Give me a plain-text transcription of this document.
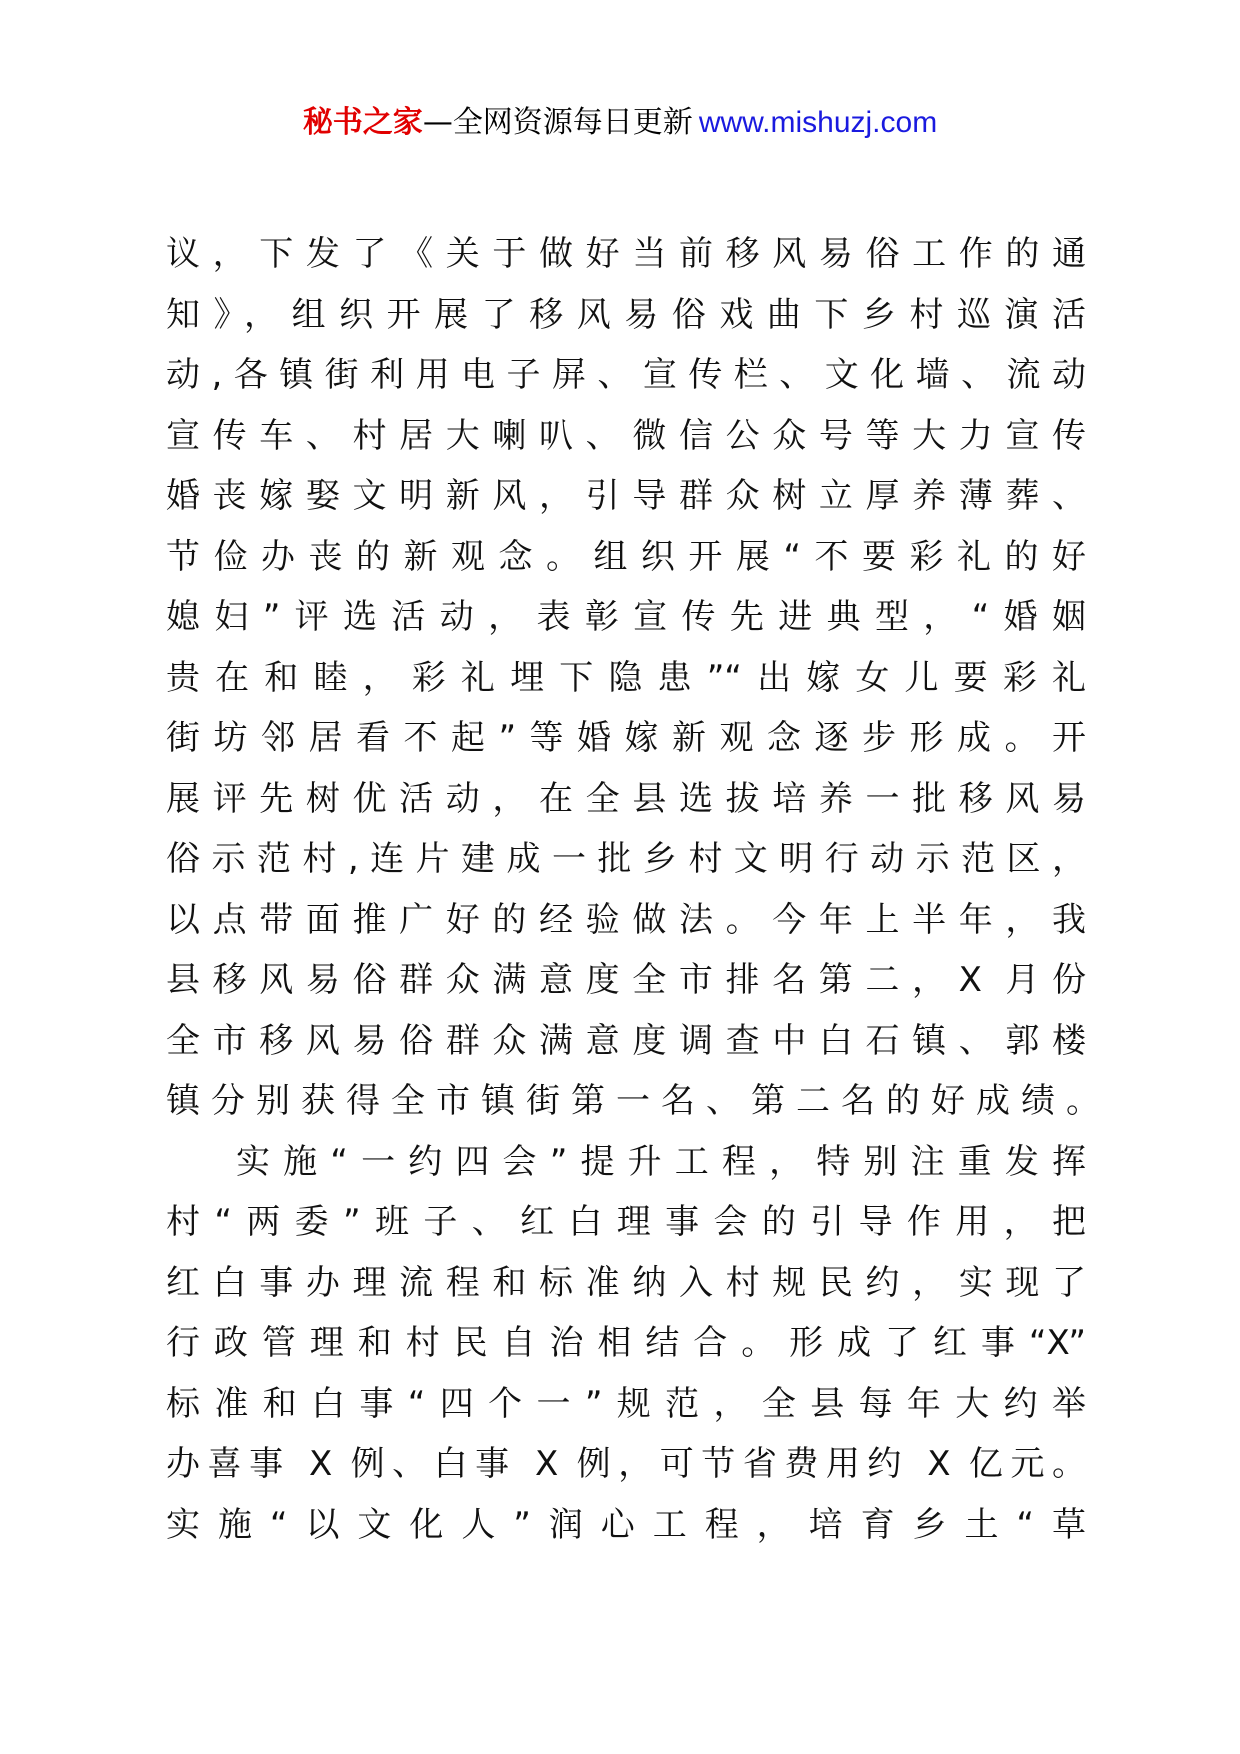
秘书之家—全网资源每日更新 www.mishuzj.com
议，下发了《关于做好当前移风易俗工作的通
知》，组织开展了移风易俗戏曲下乡村巡演活
动,各镇街利用电子屏、宣传栏、文化墙、流动
宣传车、村居大喇叭、微信公众号等大力宣传
婚丧嫁娶文明新风，引导群众树立厚养薄葬、
节俭办丧的新观念。组织开展“不要彩礼的好
媳妇”评选活动，表彰宣传先进典型，“婚姻
贵在和睦，彩礼埋下隐患”“出嫁女儿要彩礼
街坊邻居看不起”等婚嫁新观念逐步形成。开
展评先树优活动，在全县选拔培养一批移风易
俗示范村,连片建成一批乡村文明行动示范区，
以点带面推广好的经验做法。今年上半年，我
县移风易俗群众满意度全市排名第二，X 月份
全市移风易俗群众满意度调查中白石镇、郭楼
镇分别获得全市镇街第一名、第二名的好成绩。
实施“一约四会”提升工程，特别注重发挥
村“两委”班子、红白理事会的引导作用，把
红白事办理流程和标准纳入村规民约，实现了
行政管理和村民自治相结合。形成了红事“X”
标准和白事“四个一”规范，全县每年大约举
办喜事 X 例、白事 X 例，可节省费用约 X 亿元。
实施“以文化人”润心工程，培育乡土“草
